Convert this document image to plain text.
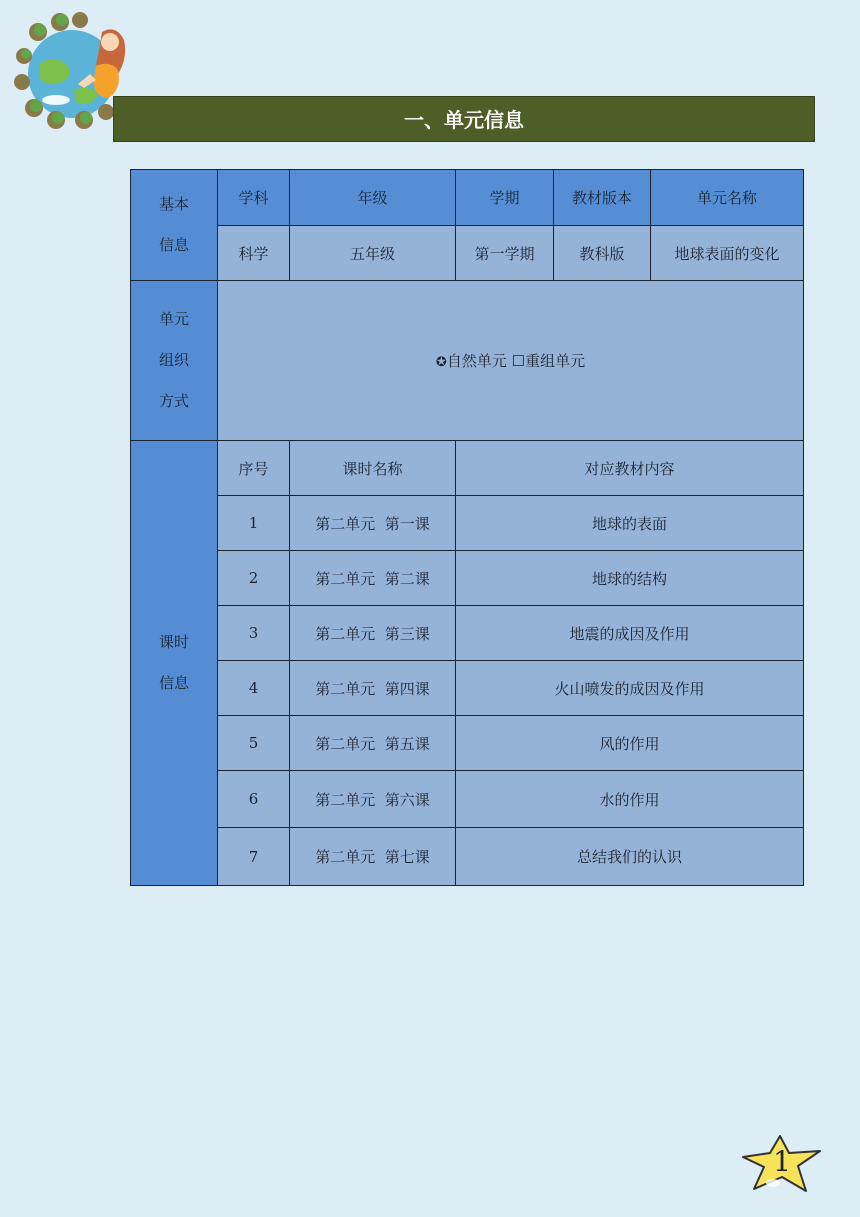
一、单元信息
基本
信息	学科	年级	学期	教材版本	单元名称
	科学	五年级	第一学期	教科版	地球表面的变化

单元
组织
方式	✪自然单元 ☐重组单元				

课时
信息	序号	课时名称	对应教材内容		
	1	第二单元  第一课	地球的表面		
	2	第二单元  第二课	地球的结构		
	3	第二单元  第三课	地震的成因及作用		
	4	第二单元  第四课	火山喷发的成因及作用		
	5	第二单元  第五课	风的作用		
	6	第二单元  第六课	水的作用		
	7	第二单元  第七课	总结我们的认识		
1
